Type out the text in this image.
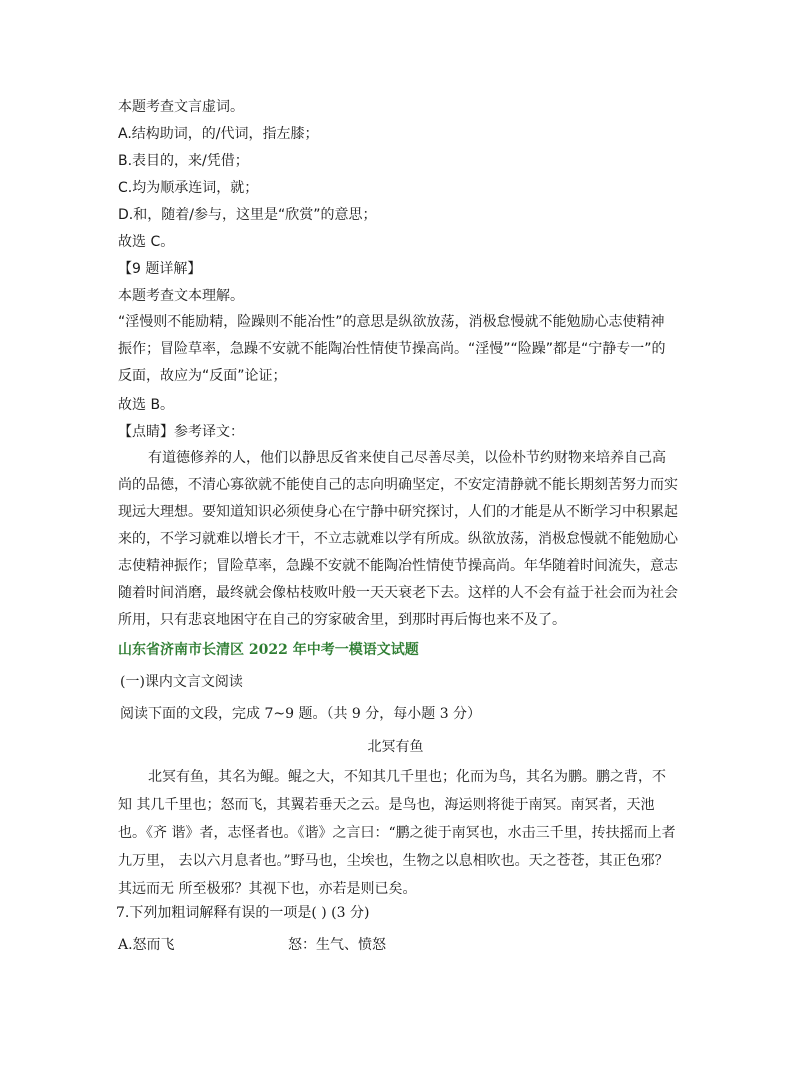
本题考查文言虚词。
A.结构助词，的/代词，指左膝；
B.表目的，来/凭借；
C.均为顺承连词，就；
D.和，随着/参与，这里是“欣赏”的意思；
故选 C。
【9 题详解】
本题考查文本理解。

“淫慢则不能励精，险躁则不能冶性”的意思是纵欲放荡，消极怠慢就不能勉励心志使精神振作；冒险草率，急躁不安就不能陶冶性情使节操高尚。“淫慢”“险躁”都是“宁静专一”的反面，故应为“反面”论证；

故选 B。
【点睛】参考译文：

有道德修养的人，他们以静思反省来使自己尽善尽美，以俭朴节约财物来培养自己高尚的品德，不清心寡欲就不能使自己的志向明确坚定，不安定清静就不能长期刻苦努力而实现远大理想。要知道知识必须使身心在宁静中研究探讨，人们的才能是从不断学习中积累起来的，不学习就难以增长才干，不立志就难以学有所成。纵欲放荡，消极怠慢就不能勉励心志使精神振作；冒险草率，急躁不安就不能陶冶性情使节操高尚。年华随着时间流失，意志随着时间消磨，最终就会像枯枝败叶般一天天衰老下去。这样的人不会有益于社会而为社会所用，只有悲哀地困守在自己的穷家破舍里，到那时再后悔也来不及了。

山东省济南市长清区 2022 年中考一模语文试题
(一)课内文言文阅读
阅读下面的文段，完成 7~9 题。（共 9 分，每小题 3 分）
北冥有鱼

北冥有鱼，其名为鲲。鲲之大，不知其几千里也；化而为鸟，其名为鹏。鹏之背，不知 其几千里也；怒而飞，其翼若垂天之云。是鸟也，海运则将徙于南冥。南冥者，天池也。《齐 谐》者，志怪者也。《谐》之言曰：“鹏之徙于南冥也，水击三千里，抟扶摇而上者九万里， 去以六月息者也。”野马也，尘埃也，生物之以息相吹也。天之苍苍，其正色邪？其远而无 所至极邪？其视下也，亦若是则已矣。

7.下列加粗词解释有误的一项是( ) (3 分)
A.怒而飞	怒：生气、愤怒
